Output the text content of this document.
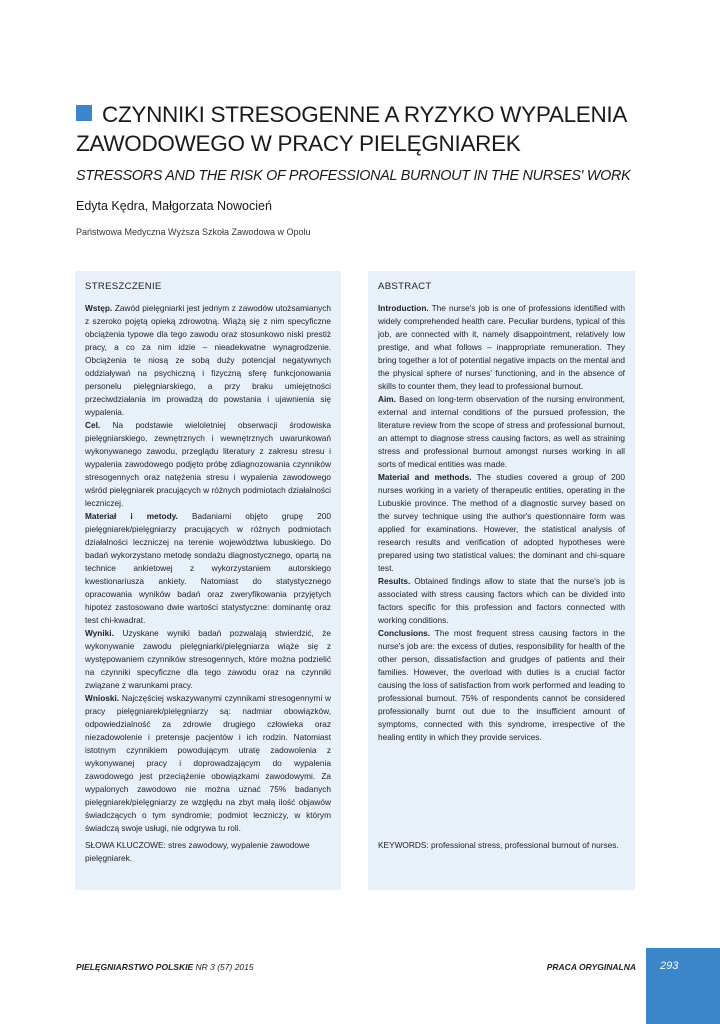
CZYNNIKI STRESOGENNE A RYZYKO WYPALENIA
ZAWODOWEGO W PRACY PIELĘGNIAREK
STRESSORS AND THE RISK OF PROFESSIONAL BURNOUT IN THE NURSES' WORK
Edyta Kędra, Małgorzata Nowocień
Państwowa Medyczna Wyższa Szkoła Zawodowa w Opolu
STRESZCZENIE

Wstęp. Zawód pielęgniarki jest jednym z zawodów utożsamianych z szeroko pojętą opieką zdrowotną. Wiążą się z nim specyficzne obciążenia typowe dla tego zawodu oraz stosunkowo niski prestiż pracy, a co za nim idzie – nieadekwatne wynagrodzenie. Obciążenia te niosą ze sobą duży potencjał negatywnych oddziaływań na psychiczną i fizyczną sferę funkcjonowania personelu pielęgniarskiego, a przy braku umiejętności przeciwdziałania im prowadzą do powstania i ujawnienia się wypalenia.

Cel. Na podstawie wieloletniej obserwacji środowiska pielęgniarskiego, zewnętrznych i wewnętrznych uwarunkowań wykonywanego zawodu, przeglądu literatury z zakresu stresu i wypalenia zawodowego podjęto próbę zdiagnozowania czynników stresogennych oraz natężenia stresu i wypalenia zawodowego wśród pielęgniarek pracujących w różnych podmiotach działalności leczniczej.

Materiał i metody. Badaniami objęto grupę 200 pielęgniarek/pielęgniarzy pracujących w różnych podmiotach działalności leczniczej na terenie województwa lubuskiego. Do badań wykorzystano metodę sondażu diagnostycznego, opartą na technice ankietowej z wykorzystaniem autorskiego kwestionariusza ankiety. Natomiast do statystycznego opracowania wyników badań oraz zweryfikowania przyjętych hipotez zastosowano dwie wartości statystyczne: dominantę oraz test chi-kwadrat.

Wyniki. Uzyskane wyniki badań pozwalają stwierdzić, że wykonywanie zawodu pielęgniarki/pielęgniarza wiąże się z występowaniem czynników stresogennych, które można podzielić na czynniki specyficzne dla tego zawodu oraz na czynniki związane z warunkami pracy.

Wnioski. Najczęściej wskazywanymi czynnikami stresogennymi w pracy pielęgniarek/pielęgniarzy są: nadmiar obowiązków, odpowiedzialność za zdrowie drugiego człowieka oraz niezadowolenie i pretensje pacjentów i ich rodzin. Natomiast istotnym czynnikiem powodującym utratę zadowolenia z wykonywanej pracy i doprowadzającym do wypalenia zawodowego jest przeciążenie obowiązkami zawodowymi. Za wypalonych zawodowo nie można uznać 75% badanych pielęgniarek/pielęgniarzy ze względu na zbyt małą ilość objawów świadczących o tym syndromie; podmiot leczniczy, w którym świadczą swoje usługi, nie odgrywa tu roli.

SŁOWA KLUCZOWE: stres zawodowy, wypalenie zawodowe pielęgniarek.
ABSTRACT

Introduction. The nurse's job is one of professions identified with widely comprehended health care. Peculiar burdens, typical of this job, are connected with it, namely disappointment, relatively low prestige, and what follows – inappropriate remuneration. They bring together a lot of potential negative impacts on the mental and the physical sphere of nurses' functioning, and in the absence of skills to counter them, they lead to professional burnout.

Aim. Based on long-term observation of the nursing environment, external and internal conditions of the pursued profession, the literature review from the scope of stress and professional burnout, an attempt to diagnose stress causing factors, as well as straining stress and professional burnout amongst nurses working in all sorts of medical entities was made.

Material and methods. The studies covered a group of 200 nurses working in a variety of therapeutic entities, operating in the Lubuskie province. The method of a diagnostic survey based on the survey technique using the author's questionnaire form was applied for examinations. However, the statistical analysis of research results and verification of adopted hypotheses were prepared using two statistical values: the dominant and chi-square test.

Results. Obtained findings allow to state that the nurse's job is associated with stress causing factors which can be divided into factors specific for this profession and factors connected with working conditions.

Conclusions. The most frequent stress causing factors in the nurse's job are: the excess of duties, responsibility for health of the other person, dissatisfaction and grudges of patients and their families. However, the overload with duties is a crucial factor causing the loss of satisfaction from work performed and leading to professional burnout. 75% of respondents cannot be considered professionally burnt out due to the insufficient amount of symptoms, connected with this syndrome, irrespective of the healing entity in which they provide services.

KEYWORDS: professional stress, professional burnout of nurses.
PIELĘGNIARSTWO POLSKIE NR 3 (57) 2015	PRACA ORYGINALNA 293
